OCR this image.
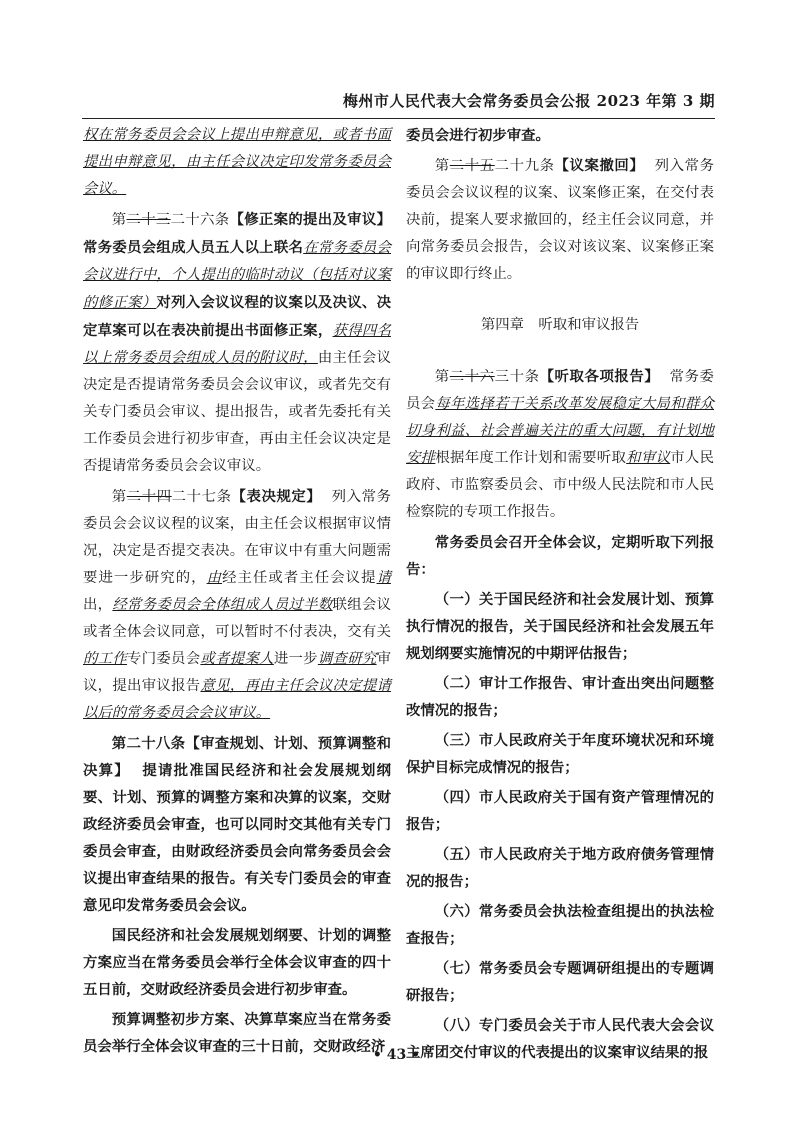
梅州市人民代表大会常务委员会公报 2023 年第 3 期

权在常务委员会会议上提出申辩意见，或者书面提出申辩意见，由主任会议决定印发常务委员会会议。

第二十三二十六条【修正案的提出及审议】常务委员会组成人员五人以上联名在常务委员会会议进行中，个人提出的临时动议（包括对议案的修正案）对列入会议议程的议案以及决议、决定草案可以在表决前提出书面修正案，获得四名以上常务委员会组成人员的附议时，由主任会议决定是否提请常务委员会会议审议，或者先交有关专门委员会审议、提出报告，或者先委托有关工作委员会进行初步审查，再由主任会议决定是否提请常务委员会会议审议。

第二十四二十七条【表决规定】 列入常务委员会会议议程的议案，由主任会议根据审议情况，决定是否提交表决。在审议中有重大问题需要进一步研究的，由经主任或者主任会议提请出，经常务委员会全体组成人员过半数联组会议或者全体会议同意，可以暂时不付表决，交有关的工作专门委员会或者提案人进一步调查研究审议，提出审议报告意见，再由主任会议决定提请以后的常务委员会会议审议。

第二十八条【审查规划、计划、预算调整和决算】 提请批准国民经济和社会发展规划纲要、计划、预算的调整方案和决算的议案，交财政经济委员会审查，也可以同时交其他有关专门委员会审查，由财政经济委员会向常务委员会会议提出审查结果的报告。有关专门委员会的审查意见印发常务委员会会议。

国民经济和社会发展规划纲要、计划的调整方案应当在常务委员会举行全体会议审查的四十五日前，交财政经济委员会进行初步审查。

预算调整初步方案、决算草案应当在常务委员会举行全体会议审查的三十日前，交财政经济

委员会进行初步审查。

第二十五二十九条【议案撤回】 列入常务委员会会议议程的议案、议案修正案，在交付表决前，提案人要求撤回的，经主任会议同意，并向常务委员会报告，会议对该议案、议案修正案的审议即行终止。

第四章　听取和审议报告

第二十六三十条【听取各项报告】 常务委员会每年选择若干关系改革发展稳定大局和群众切身利益、社会普遍关注的重大问题，有计划地安排根据年度工作计划和需要听取和审议市人民政府、市监察委员会、市中级人民法院和市人民检察院的专项工作报告。

常务委员会召开全体会议，定期听取下列报告：

（一）关于国民经济和社会发展计划、预算执行情况的报告，关于国民经济和社会发展五年规划纲要实施情况的中期评估报告；

（二）审计工作报告、审计查出突出问题整改情况的报告；

（三）市人民政府关于年度环境状况和环境保护目标完成情况的报告；

（四）市人民政府关于国有资产管理情况的报告；

（五）市人民政府关于地方政府债务管理情况的报告；

（六）常务委员会执法检查组提出的执法检查报告；

（七）常务委员会专题调研组提出的专题调研报告；

（八）专门委员会关于市人民代表大会会议主席团交付审议的代表提出的议案审议结果的报

• 43 •
